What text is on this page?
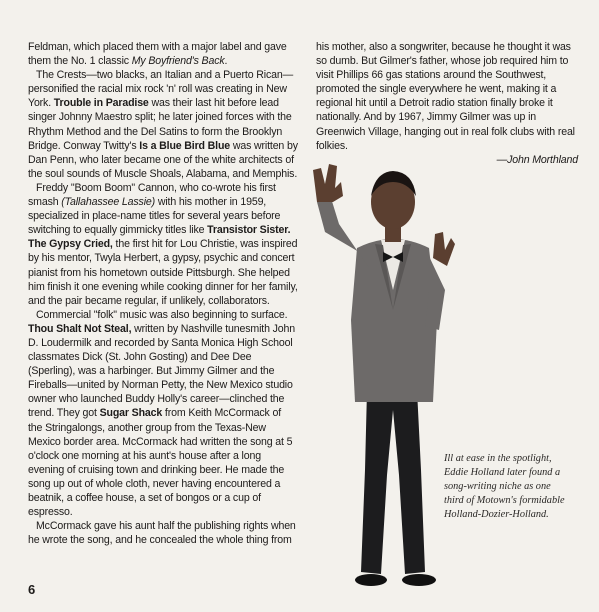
Feldman, which placed them with a major label and gave them the No. 1 classic My Boyfriend's Back.

The Crests—two blacks, an Italian and a Puerto Rican—personified the racial mix rock 'n' roll was creating in New York. Trouble in Paradise was their last hit before lead singer Johnny Maestro split; he later joined forces with the Rhythm Method and the Del Satins to form the Brooklyn Bridge. Conway Twitty's Is a Blue Bird Blue was written by Dan Penn, who later became one of the white architects of the soul sounds of Muscle Shoals, Alabama, and Memphis.

Freddy "Boom Boom" Cannon, who co-wrote his first smash (Tallahassee Lassie) with his mother in 1959, specialized in place-name titles for several years before switching to equally gimmicky titles like Transistor Sister. The Gypsy Cried, the first hit for Lou Christie, was inspired by his mentor, Twyla Herbert, a gypsy, psychic and concert pianist from his hometown outside Pittsburgh. She helped him finish it one evening while cooking dinner for her family, and the pair became regular, if unlikely, collaborators.

Commercial "folk" music was also beginning to surface. Thou Shalt Not Steal, written by Nashville tunesmith John D. Loudermilk and recorded by Santa Monica High School classmates Dick (St. John Gosting) and Dee Dee (Sperling), was a harbinger. But Jimmy Gilmer and the Fireballs—united by Norman Petty, the New Mexico studio owner who launched Buddy Holly's career—clinched the trend. They got Sugar Shack from Keith McCormack of the Stringalongs, another group from the Texas-New Mexico border area. McCormack had written the song at 5 o'clock one morning at his aunt's house after a long evening of cruising town and drinking beer. He made the song up out of whole cloth, never having encountered a beatnik, a coffee house, a set of bongos or a cup of espresso.

McCormack gave his aunt half the publishing rights when he wrote the song, and he concealed the whole thing from

his mother, also a songwriter, because he thought it was so dumb. But Gilmer's father, whose job required him to visit Phillips 66 gas stations around the Southwest, promoted the single everywhere he went, making it a regional hit until a Detroit radio station finally broke it nationally. And by 1967, Jimmy Gilmer was up in Greenwich Village, hanging out in real folk clubs with real folkies.

—John Morthland

Ill at ease in the spotlight,
Eddie Holland later found a
song-writing niche as one
third of Motown's formidable
Holland-Dozier-Holland.
6
